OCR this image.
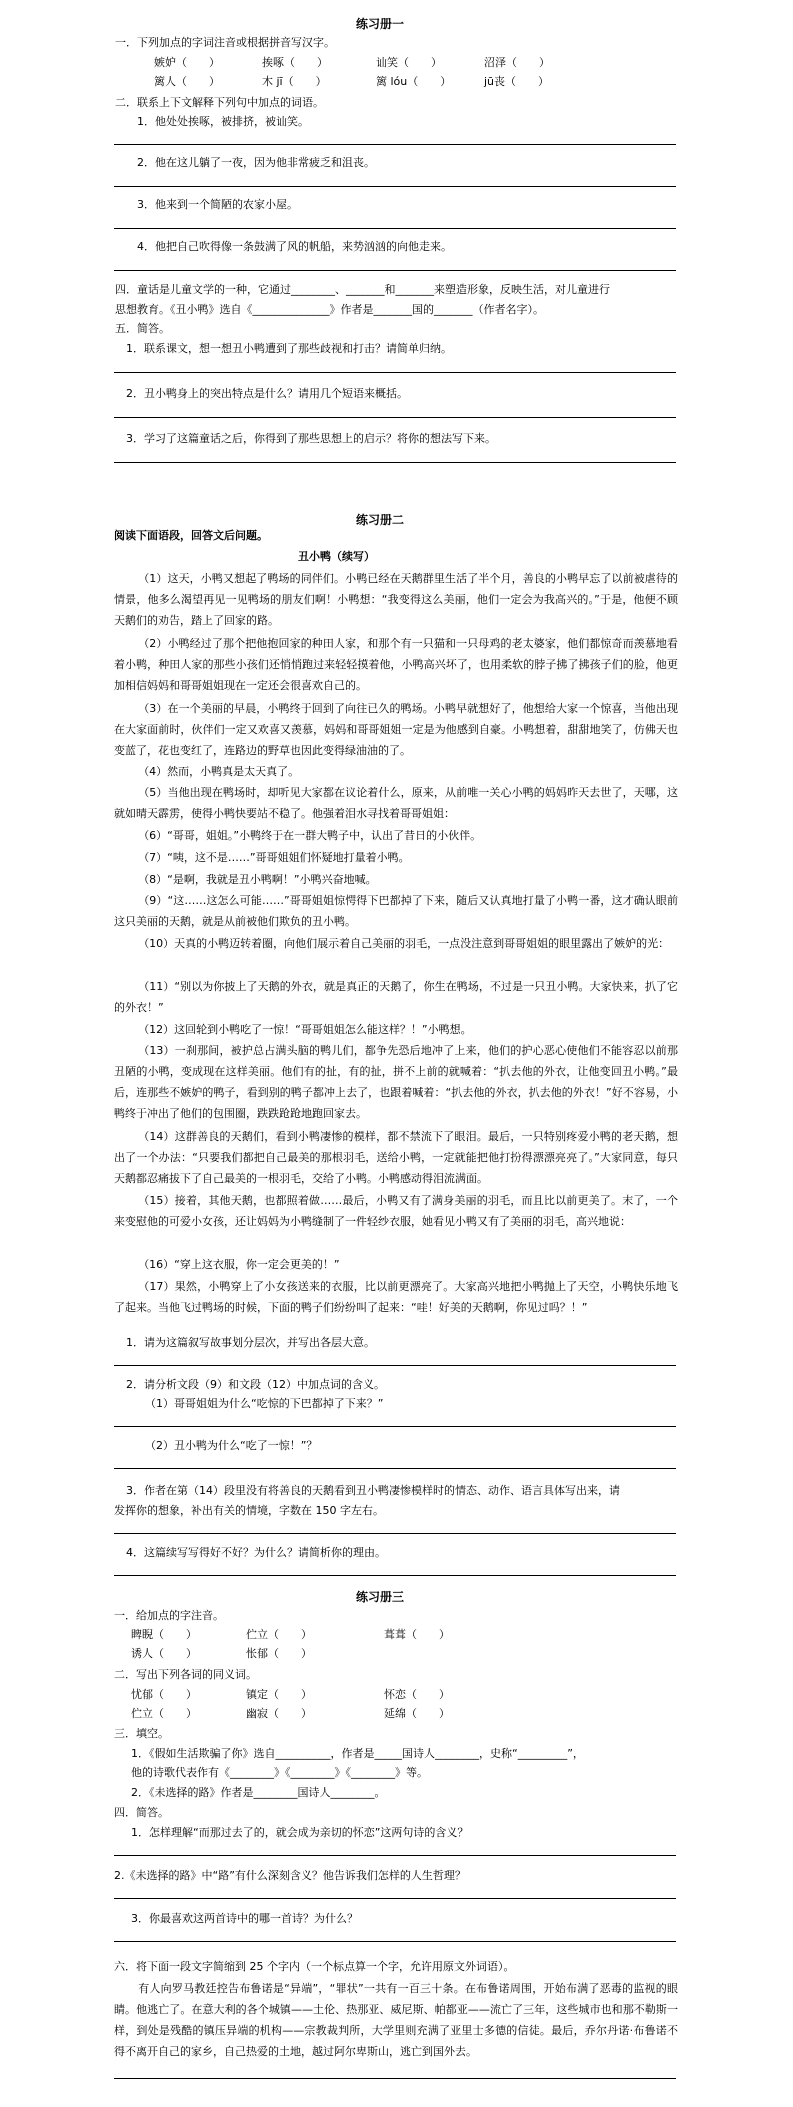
练习册一
一．下列加点的字词注音或根据拼音写汉字。
嫉妒（　　）	挨啄（　　）	讪笑（　　）	沼泽（　　）
篱人（　　）	木 jī（　　）	篱 lóu（　　）	jū丧（　　）
二．联系上下文解释下列句中加点的词语。
1．他处处挨啄，被排挤，被讪笑。
2．他在这儿躺了一夜，因为他非常疲乏和沮丧。
3．他来到一个简陋的农家小屋。
4．他把自己吹得像一条鼓满了风的帆船，来势汹汹的向他走来。
四．童话是儿童文学的一种，它通过________、_______和_______来塑造形象，反映生活，对儿童进行
思想教育。《丑小鸭》选自《______________》作者是_______国的_______（作者名字）。
五．简答。
1．联系课文，想一想丑小鸭遭到了那些歧视和打击？请简单归纳。
2．丑小鸭身上的突出特点是什么？请用几个短语来概括。
3．学习了这篇童话之后，你得到了那些思想上的启示？将你的想法写下来。
练习册二
阅读下面语段，回答文后问题。
丑小鸭（续写）
（1）这天，小鸭又想起了鸭场的同伴们。小鸭已经在天鹅群里生活了半个月，善良的小鸭早忘了以前被虐待的情景，他多么渴望再见一见鸭场的朋友们啊！小鸭想：“我变得这么美丽，他们一定会为我高兴的。”于是，他便不顾天鹅们的劝告，踏上了回家的路。
（2）小鸭经过了那个把他抱回家的种田人家，和那个有一只猫和一只母鸡的老太婆家，他们都惊奇而羡慕地看着小鸭，种田人家的那些小孩们还悄悄跑过来轻轻摸着他，小鸭高兴坏了，也用柔软的脖子拂了拂孩子们的脸，他更加相信妈妈和哥哥姐姐现在一定还会很喜欢自己的。
（3）在一个美丽的早晨，小鸭终于回到了向往已久的鸭场。小鸭早就想好了，他想给大家一个惊喜，当他出现在大家面前时，伙伴们一定又欢喜又羡慕，妈妈和哥哥姐姐一定是为他感到自豪。小鸭想着，甜甜地笑了，仿佛天也变蓝了，花也变红了，连路边的野草也因此变得绿油油的了。
（4）然而，小鸭真是太天真了。
（5）当他出现在鸭场时，却听见大家都在议论着什么，原来，从前唯一关心小鸭的妈妈昨天去世了，天哪，这就如晴天霹雳，使得小鸭快要站不稳了。他强着泪水寻找着哥哥姐姐：
（6）“哥哥，姐姐。”小鸭终于在一群大鸭子中，认出了昔日的小伙伴。
（7）“咦，这不是……”哥哥姐姐们怀疑地打量着小鸭。
（8）“是啊，我就是丑小鸭啊！”小鸭兴奋地喊。
（9）“这……这怎么可能……”哥哥姐姐惊愕得下巴都掉了下来，随后又认真地打量了小鸭一番，这才确认眼前这只美丽的天鹅，就是从前被他们欺负的丑小鸭。
（10）天真的小鸭迈转着圈，向他们展示着自己美丽的羽毛，一点没注意到哥哥姐姐的眼里露出了嫉妒的光：
（11）“别以为你披上了天鹅的外衣，就是真正的天鹅了，你生在鸭场，不过是一只丑小鸭。大家快来，扒了它的外衣！”
（12）这回轮到小鸭吃了一惊！“哥哥姐姐怎么能这样？！”小鸭想。
（13）一刹那间，被护总占满头脑的鸭儿们，都争先恐后地冲了上来，他们的护心恶心使他们不能容忍以前那丑陋的小鸭，变成现在这样美丽。他们有的扯，有的扯，拼不上前的就喊着：“扒去他的外衣，让他变回丑小鸭。”最后，连那些不嫉妒的鸭子，看到别的鸭子都冲上去了，也跟着喊着：“扒去他的外衣，扒去他的外衣！”好不容易，小鸭终于冲出了他们的包围圈，跌跌跄跄地跑回家去。
（14）这群善良的天鹅们，看到小鸭凄惨的模样，都不禁流下了眼泪。最后，一只特别疼爱小鸭的老天鹅，想出了一个办法：“只要我们都把自己最美的那根羽毛，送给小鸭，一定就能把他打扮得漂漂亮亮了。”大家同意，每只天鹅都忍痛拔下了自己最美的一根羽毛，交给了小鸭。小鸭感动得泪流满面。
（15）接着，其他天鹅，也都照着做……最后，小鸭又有了满身美丽的羽毛，而且比以前更美了。末了，一个来变慰他的可爱小女孩，还让妈妈为小鸭缝制了一件轻纱衣服，她看见小鸭又有了美丽的羽毛，高兴地说：
（16）“穿上这衣服，你一定会更美的！”
（17）果然，小鸭穿上了小女孩送来的衣服，比以前更漂亮了。大家高兴地把小鸭抛上了天空，小鸭快乐地飞了起来。当他飞过鸭场的时候，下面的鸭子们纷纷叫了起来：“哇！好美的天鹅啊，你见过吗？！”
1．请为这篇叙写故事划分层次，并写出各层大意。
2．请分析文段（9）和文段（12）中加点词的含义。
（1）哥哥姐姐为什么“吃惊的下巴都掉了下来？”
（2）丑小鸭为什么“吃了一惊！”？
3．作者在第（14）段里没有将善良的天鹅看到丑小鸭凄惨模样时的情态、动作、语言具体写出来，请
发挥你的想象，补出有关的情境，字数在 150 字左右。
4．这篇续写写得好不好？为什么？请简析你的理由。
练习册三
一．给加点的字注音。
睥睨（　　）	伫立（　　）	葺葺（　　）
诱人（　　）	怅郁（　　）
二．写出下列各词的同义词。
忧郁（　　）	镇定（　　）	怀恋（　　）
伫立（　　）	幽寂（　　）	延绵（　　）
三．填空。
1．《假如生活欺骗了你》选自__________，作者是_____国诗人________，史称“_________”，
他的诗歌代表作有《________》《________》《________》等。
2．《未选择的路》作者是________国诗人________。
四．简答。
1．怎样理解“而那过去了的，就会成为亲切的怀恋”这两句诗的含义？
2.《未选择的路》中“路”有什么深刻含义？他告诉我们怎样的人生哲理？
3．你最喜欢这两首诗中的哪一首诗？为什么？
六．将下面一段文字简缩到 25 个字内（一个标点算一个字，允许用原文外词语）。
有人向罗马教廷控告布鲁诺是“异端”，“罪状”一共有一百三十条。在布鲁诺周围，开始布满了恶毒的监视的眼睛。他逃亡了。在意大利的各个城镇——土伦、热那亚、威尼斯、帕都亚——流亡了三年，这些城市也和那不勒斯一样，到处是残酷的镇压异端的机构——宗教裁判所，大学里则充满了亚里士多德的信徒。最后，乔尔丹诺·布鲁诺不得不离开自己的家乡，自己热爱的土地，越过阿尔卑斯山，逃亡到国外去。
